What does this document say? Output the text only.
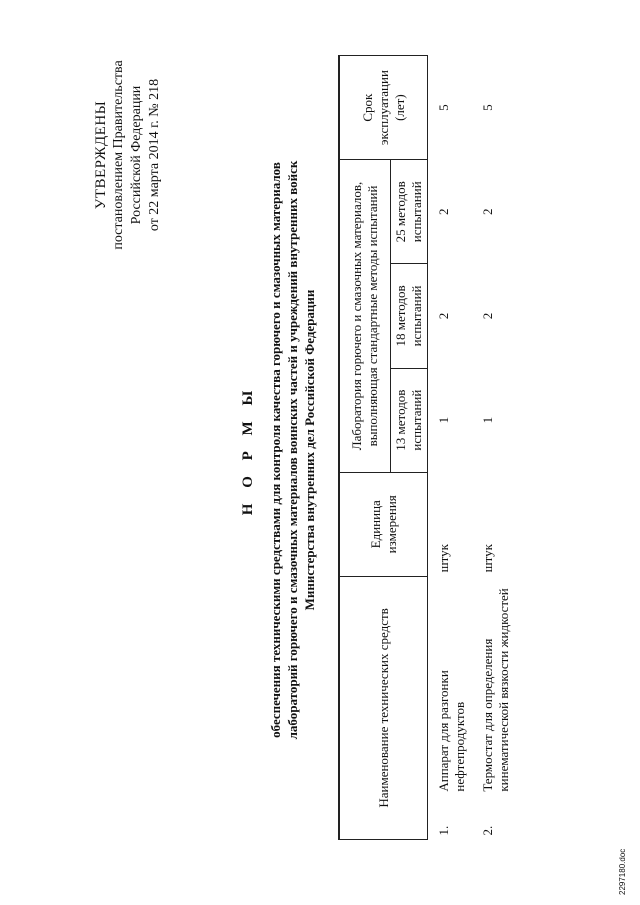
УТВЕРЖДЕНЫ постановлением Правительства Российской Федерации от 22 марта 2014 г. № 218
Н О Р М Ы обеспечения техническими средствами для контроля качества горючего и смазочных материалов лабораторий горючего и смазочных материалов воинских частей и учреждений внутренних войск Министерства внутренних дел Российской Федерации
Наименование технических средств		Единица измерения	Лаборатория горючего и смазочных материалов, выполняющая стандартные методы испытаний			Срок эксплуатации (лет)
			13 методов испытаний	18 методов испытаний	25 методов испытаний	
1.	Аппарат для разгонки нефтепродуктов	штук	1	2	2	5
2.	Термостат для определения кинематической вязкости жидкостей	штук	1	2	2	5
2297180.doc
